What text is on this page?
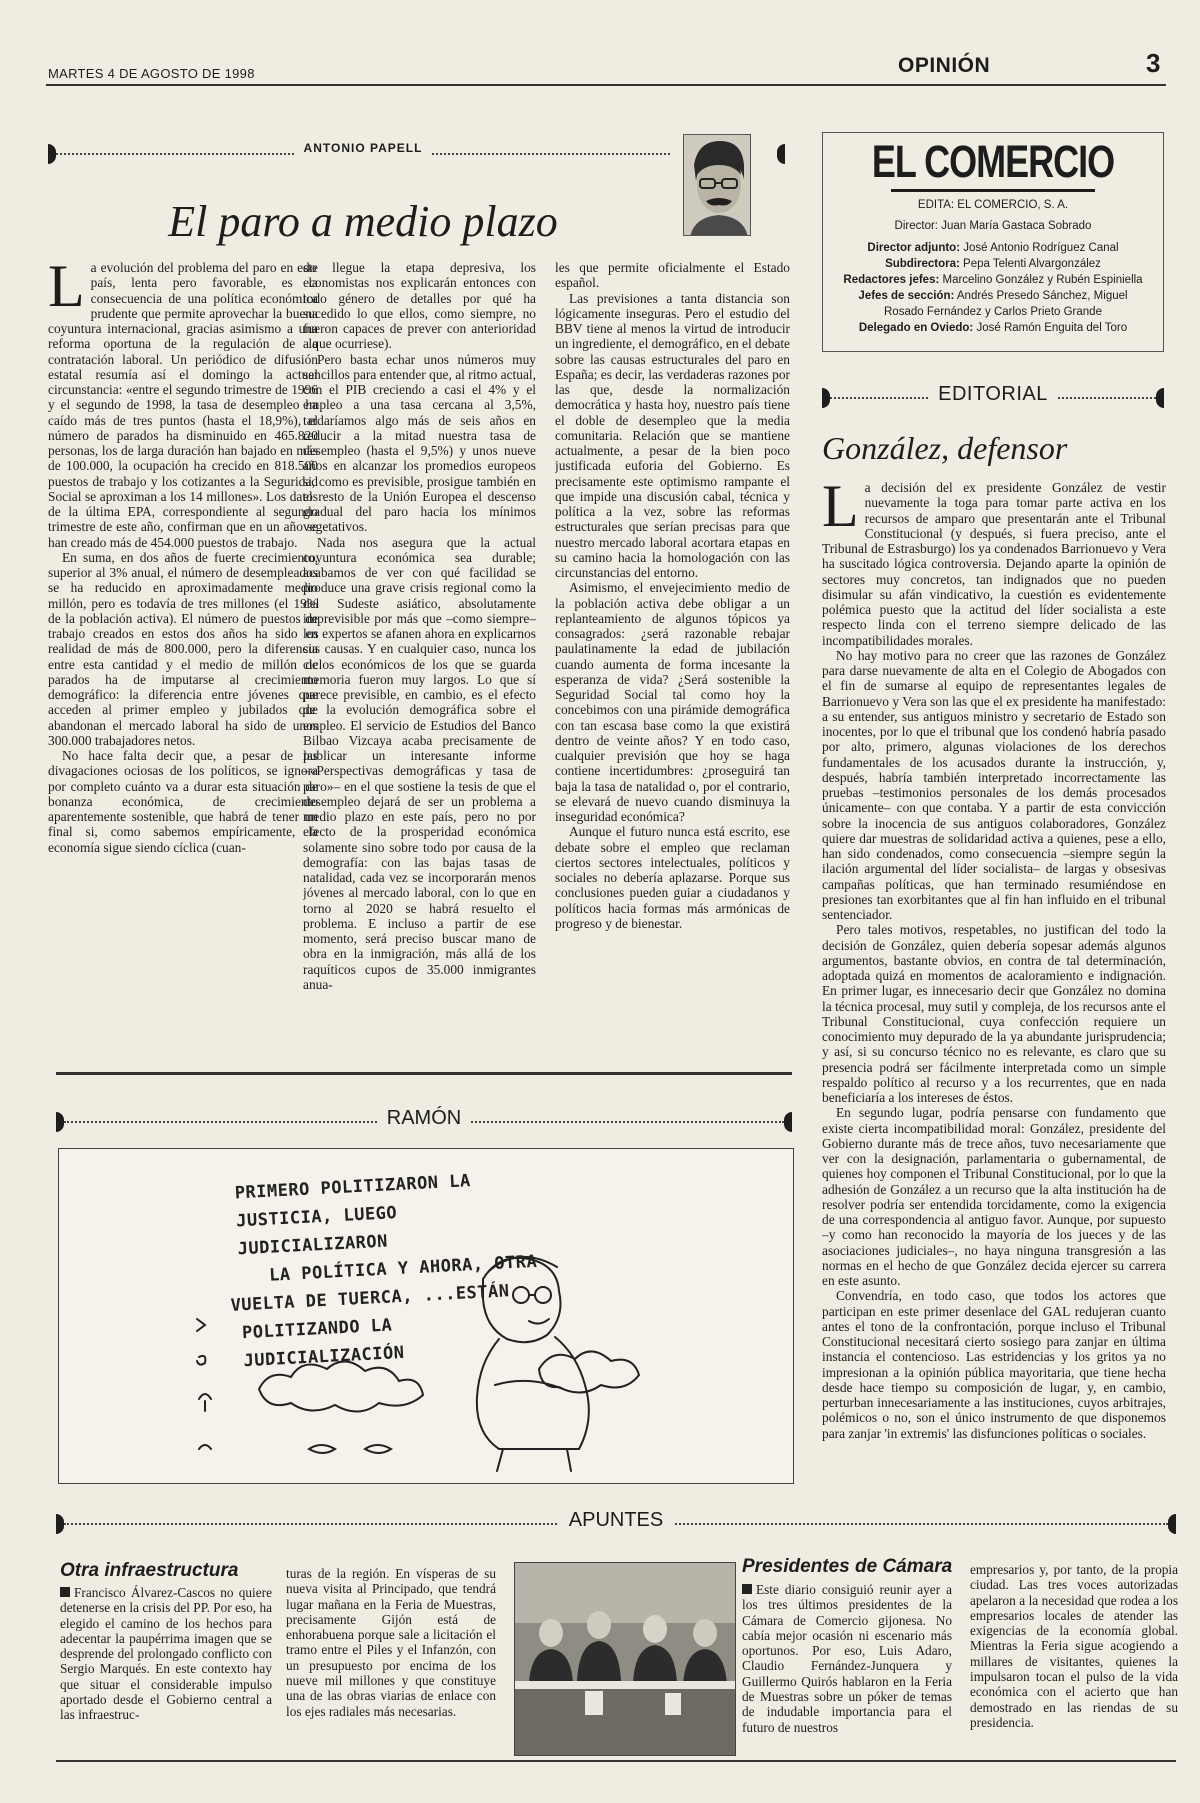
MARTES 4 DE AGOSTO DE 1998	OPINIÓN	3
ANTONIO PAPELL
El paro a medio plazo

La evolución del problema del paro en este país, lenta pero favorable, es la consecuencia de una política económica prudente que permite aprovechar la buena coyuntura internacional, gracias asimismo a una reforma oportuna de la regulación de la contratación laboral. Un periódico de difusión estatal resumía así el domingo la actual circunstancia: «entre el segundo trimestre de 1996 y el segundo de 1998, la tasa de desempleo ha caído más de tres puntos (hasta el 18,9%), el número de parados ha disminuido en 465.820 personas, los de larga duración han bajado en más de 100.000, la ocupación ha crecido en 818.500 puestos de trabajo y los cotizantes a la Seguridad Social se aproximan a los 14 millones». Los datos de la última EPA, correspondiente al segundo trimestre de este año, confirman que en un año se han creado más de 454.000 puestos de trabajo.

En suma, en dos años de fuerte crecimiento, superior al 3% anual, el número de desempleados se ha reducido en aproximadamente medio millón, pero es todavía de tres millones (el 19% de la población activa). El número de puestos de trabajo creados en estos dos años ha sido en realidad de más de 800.000, pero la diferencia entre esta cantidad y el medio de millón de parados ha de imputarse al crecimiento demográfico: la diferencia entre jóvenes que acceden al primer empleo y jubilados que abandonan el mercado laboral ha sido de unos 300.000 trabajadores netos.

No hace falta decir que, a pesar de las divagaciones ociosas de los políticos, se ignora por completo cuánto va a durar esta situación de bonanza económica, de crecimiento aparentemente sostenible, que habrá de tener un final si, como sabemos empíricamente, la economía sigue siendo cíclica (cuan-

do llegue la etapa depresiva, los economistas nos explicarán entonces con todo género de detalles por qué ha sucedido lo que ellos, como siempre, no fueron capaces de prever con anterioridad a que ocurriese).

Pero basta echar unos números muy sencillos para entender que, al ritmo actual, con el PIB creciendo a casi el 4% y el empleo a una tasa cercana al 3,5%, tardaríamos algo más de seis años en reducir a la mitad nuestra tasa de desempleo (hasta el 9,5%) y unos nueve años en alcanzar los promedios europeos si, como es previsible, prosigue también en el resto de la Unión Europea el descenso gradual del paro hacia los mínimos vegetativos.

Nada nos asegura que la actual coyuntura económica sea durable; acabamos de ver con qué facilidad se produce una grave crisis regional como la del Sudeste asiático, absolutamente imprevisible por más que –como siempre– los expertos se afanen ahora en explicarnos sus causas. Y en cualquier caso, nunca los ciclos económicos de los que se guarda memoria fueron muy largos. Lo que sí parece previsible, en cambio, es el efecto de la evolución demográfica sobre el empleo. El servicio de Estudios del Banco Bilbao Vizcaya acaba precisamente de publicar un interesante informe –«Perspectivas demográficas y tasa de paro»– en el que sostiene la tesis de que el desempleo dejará de ser un problema a medio plazo en este país, pero no por efecto de la prosperidad económica solamente sino sobre todo por causa de la demografía: con las bajas tasas de natalidad, cada vez se incorporarán menos jóvenes al mercado laboral, con lo que en torno al 2020 se habrá resuelto el problema. E incluso a partir de ese momento, será preciso buscar mano de obra en la inmigración, más allá de los raquíticos cupos de 35.000 inmigrantes anua-

les que permite oficialmente el Estado español.

Las previsiones a tanta distancia son lógicamente inseguras. Pero el estudio del BBV tiene al menos la virtud de introducir un ingrediente, el demográfico, en el debate sobre las causas estructurales del paro en España; es decir, las verdaderas razones por las que, desde la normalización democrática y hasta hoy, nuestro país tiene el doble de desempleo que la media comunitaria. Relación que se mantiene actualmente, a pesar de la bien poco justificada euforia del Gobierno. Es precisamente este optimismo rampante el que impide una discusión cabal, técnica y política a la vez, sobre las reformas estructurales que serían precisas para que nuestro mercado laboral acortara etapas en su camino hacia la homologación con las circunstancias del entorno.

Asimismo, el envejecimiento medio de la población activa debe obligar a un replanteamiento de algunos tópicos ya consagrados: ¿será razonable rebajar paulatinamente la edad de jubilación cuando aumenta de forma incesante la esperanza de vida? ¿Será sostenible la Seguridad Social tal como hoy la concebimos con una pirámide demográfica con tan escasa base como la que existirá dentro de veinte años? Y en todo caso, cualquier previsión que hoy se haga contiene incertidumbres: ¿proseguirá tan baja la tasa de natalidad o, por el contrario, se elevará de nuevo cuando disminuya la inseguridad económica?

Aunque el futuro nunca está escrito, ese debate sobre el empleo que reclaman ciertos sectores intelectuales, políticos y sociales no debería aplazarse. Porque sus conclusiones pueden guiar a ciudadanos y políticos hacia formas más armónicas de progreso y de bienestar.

EL COMERCIO
EDITA: EL COMERCIO, S. A.
Director: Juan María Gastaca Sobrado
Director adjunto: José Antonio Rodríguez Canal
Subdirectora: Pepa Telenti Alvargonzález
Redactores jefes: Marcelino González y Rubén Espiniella
Jefes de sección: Andrés Presedo Sánchez, Miguel
Rosado Fernández y Carlos Prieto Grande
Delegado en Oviedo: José Ramón Enguita del Toro
EDITORIAL
González, defensor

La decisión del ex presidente González de vestir nuevamente la toga para tomar parte activa en los recursos de amparo que presentarán ante el Tribunal Constitucional (y después, si fuera preciso, ante el Tribunal de Estrasburgo) los ya condenados Barrionuevo y Vera ha suscitado lógica controversia. Dejando aparte la opinión de sectores muy concretos, tan indignados que no pueden disimular su afán vindicativo, la cuestión es evidentemente polémica puesto que la actitud del líder socialista a este respecto linda con el terreno siempre delicado de las incompatibilidades morales.

No hay motivo para no creer que las razones de González para darse nuevamente de alta en el Colegio de Abogados con el fin de sumarse al equipo de representantes legales de Barrionuevo y Vera son las que el ex presidente ha manifestado: a su entender, sus antiguos ministro y secretario de Estado son inocentes, por lo que el tribunal que los condenó habría pasado por alto, primero, algunas violaciones de los derechos fundamentales de los acusados durante la instrucción, y, después, habría también interpretado incorrectamente las pruebas –testimonios personales de los demás procesados únicamente– con que contaba. Y a partir de esta convicción sobre la inocencia de sus antiguos colaboradores, González quiere dar muestras de solidaridad activa a quienes, pese a ello, han sido condenados, como consecuencia –siempre según la ilación argumental del líder socialista– de largas y obsesivas campañas políticas, que han terminado resumiéndose en presiones tan exorbitantes que al fin han influido en el tribunal sentenciador.

Pero tales motivos, respetables, no justifican del todo la decisión de González, quien debería sopesar además algunos argumentos, bastante obvios, en contra de tal determinación, adoptada quizá en momentos de acaloramiento e indignación. En primer lugar, es innecesario decir que González no domina la técnica procesal, muy sutil y compleja, de los recursos ante el Tribunal Constitucional, cuya confección requiere un conocimiento muy depurado de la ya abundante jurisprudencia; y así, si su concurso técnico no es relevante, es claro que su presencia podrá ser fácilmente interpretada como un simple respaldo político al recurso y a los recurrentes, que en nada beneficiaría a los intereses de éstos.

En segundo lugar, podría pensarse con fundamento que existe cierta incompatibilidad moral: González, presidente del Gobierno durante más de trece años, tuvo necesariamente que ver con la designación, parlamentaria o gubernamental, de quienes hoy componen el Tribunal Constitucional, por lo que la adhesión de González a un recurso que la alta institución ha de resolver podría ser entendida torcidamente, como la exigencia de una correspondencia al antiguo favor. Aunque, por supuesto –y como han reconocido la mayoría de los jueces y de las asociaciones judiciales–, no haya ninguna transgresión a las normas en el hecho de que González decida ejercer su carrera en este asunto.

Convendría, en todo caso, que todos los actores que participan en este primer desenlace del GAL redujeran cuanto antes el tono de la confrontación, porque incluso el Tribunal Constitucional necesitará cierto sosiego para zanjar en última instancia el contencioso. Las estridencias y los gritos ya no impresionan a la opinión pública mayoritaria, que tiene hecha desde hace tiempo su composición de lugar, y, en cambio, perturban innecesariamente a las instituciones, cuyos arbitrajes, polémicos o no, son el único instrumento de que disponemos para zanjar 'in extremis' las disfunciones políticas o sociales.

RAMÓN
PRIMERO POLITIZARON LA
JUSTICIA, LUEGO JUDICIALIZARON
LA POLÍTICA Y AHORA, OTRA
VUELTA DE TUERCA, ...ESTÁN
POLITIZANDO LA
JUDICIALIZACIÓN
APUNTES
Otra infraestructura
Francisco Álvarez-Cascos no quiere detenerse en la crisis del PP. Por eso, ha elegido el camino de los hechos para adecentar la paupérrima imagen que se desprende del prolongado conflicto con Sergio Marqués. En este contexto hay que situar el considerable impulso aportado desde el Gobierno central a las infraestruc-
turas de la región. En vísperas de su nueva visita al Principado, que tendrá lugar mañana en la Feria de Muestras, precisamente Gijón está de enhorabuena porque sale a licitación el tramo entre el Piles y el Infanzón, con un presupuesto por encima de los nueve mil millones y que constituye una de las obras viarias de enlace con los ejes radiales más necesarias.
Presidentes de Cámara
Este diario consiguió reunir ayer a los tres últimos presidentes de la Cámara de Comercio gijonesa. No cabía mejor ocasión ni escenario más oportunos. Por eso, Luis Adaro, Claudio Fernández-Junquera y Guillermo Quirós hablaron en la Feria de Muestras sobre un póker de temas de indudable importancia para el futuro de nuestros
empresarios y, por tanto, de la propia ciudad. Las tres voces autorizadas apelaron a la necesidad que rodea a los empresarios locales de atender las exigencias de la economía global. Mientras la Feria sigue acogiendo a millares de visitantes, quienes la impulsaron tocan el pulso de la vida económica con el acierto que han demostrado en las riendas de su presidencia.
